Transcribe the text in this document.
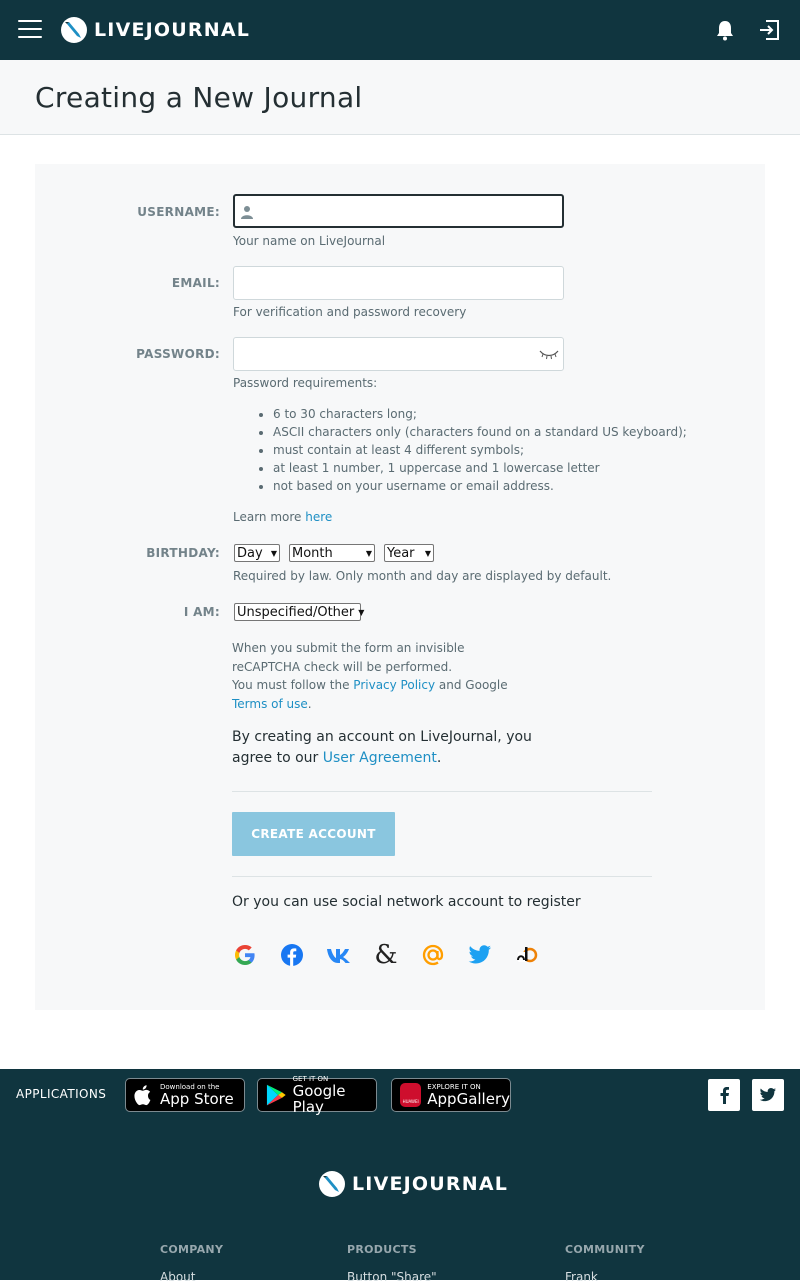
LIVEJOURNAL
Creating a New Journal
USERNAME:
Your name on LiveJournal
EMAIL:
For verification and password recovery
PASSWORD:
Password requirements:
• 6 to 30 characters long;
• ASCII characters only (characters found on a standard US keyboard);
• must contain at least 4 different symbols;
• at least 1 number, 1 uppercase and 1 lowercase letter
• not based on your username or email address.
Learn more here
BIRTHDAY: Day ▼ Month	▼ Year ▼
Required by law. Only month and day are displayed by default.
I AM: Unspecified/Other ▼
When you submit the form an invisible reCAPTCHA check will be performed.
You must follow the Privacy Policy and Google Terms of use.
By creating an account on LiveJournal, you agree to our User Agreement.
CREATE ACCOUNT
Or you can use social network account to register
&
APPLICATIONS	Download on the
App Store
GET IT ON
Google Play	HUAWEI
EXPLORE IT ON
AppGallery
LIVEJOURNAL
COMPANY
About
PRODUCTS
Button "Share"
COMMUNITY
Frank
